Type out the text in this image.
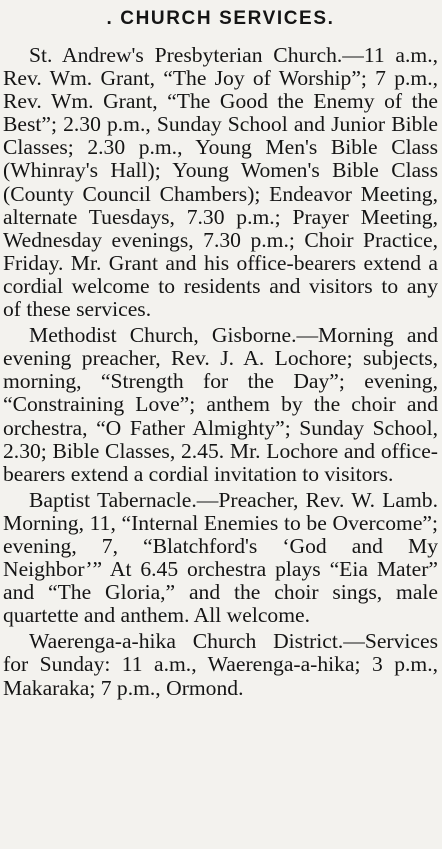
. CHURCH SERVICES.

St. Andrew's Presbyterian Church.—11 a.m., Rev. Wm. Grant, “The Joy of Worship”; 7 p.m., Rev. Wm. Grant, “The Good the Enemy of the Best”; 2.30 p.m., Sunday School and Junior Bible Classes; 2.30 p.m., Young Men's Bible Class (Whinray's Hall); Young Women's Bible Class (County Council Chambers); Endeavor Meeting, alternate Tuesdays, 7.30 p.m.; Prayer Meeting, Wednesday evenings, 7.30 p.m.; Choir Practice, Friday. Mr. Grant and his office-bearers extend a cordial welcome to residents and visitors to any of these services.

Methodist Church, Gisborne.—Morning and evening preacher, Rev. J. A. Lochore; subjects, morning, “Strength for the Day”; evening, “Constraining Love”; anthem by the choir and orchestra, “O Father Almighty”; Sunday School, 2.30; Bible Classes, 2.45. Mr. Lochore and office-bearers extend a cordial invitation to visitors.

Baptist Tabernacle.—Preacher, Rev. W. Lamb. Morning, 11, “Internal Enemies to be Overcome”; evening, 7, “Blatchford's ‘God and My Neighbor’” At 6.45 orchestra plays “Eia Mater” and “The Gloria,” and the choir sings, male quartette and anthem. All welcome.

Waerenga-a-hika Church District.—Services for Sunday: 11 a.m., Waerenga-a-hika; 3 p.m., Makaraka; 7 p.m., Ormond.
